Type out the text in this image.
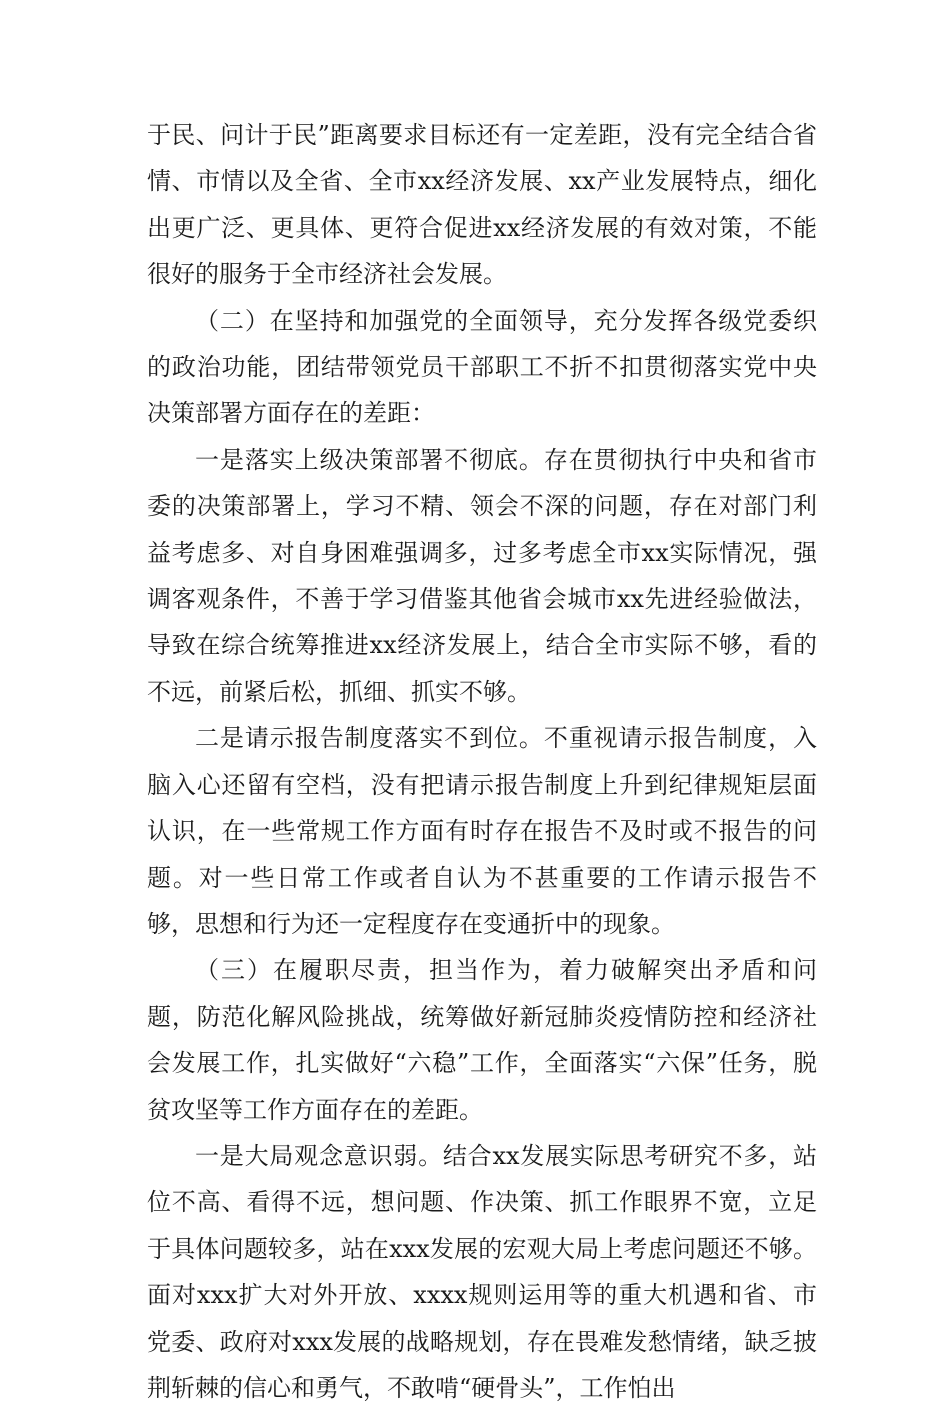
于民、问计于民”距离要求目标还有一定差距，没有完全结合省情、市情以及全省、全市xx经济发展、xx产业发展特点，细化出更广泛、更具体、更符合促进xx经济发展的有效对策，不能很好的服务于全市经济社会发展。

（二）在坚持和加强党的全面领导，充分发挥各级党委织的政治功能，团结带领党员干部职工不折不扣贯彻落实党中央决策部署方面存在的差距：

一是落实上级决策部署不彻底。存在贯彻执行中央和省市委的决策部署上，学习不精、领会不深的问题，存在对部门利益考虑多、对自身困难强调多，过多考虑全市xx实际情况，强调客观条件，不善于学习借鉴其他省会城市xx先进经验做法，导致在综合统筹推进xx经济发展上，结合全市实际不够，看的不远，前紧后松，抓细、抓实不够。

二是请示报告制度落实不到位。不重视请示报告制度，入脑入心还留有空档，没有把请示报告制度上升到纪律规矩层面认识，在一些常规工作方面有时存在报告不及时或不报告的问题。对一些日常工作或者自认为不甚重要的工作请示报告不够，思想和行为还一定程度存在变通折中的现象。

（三）在履职尽责，担当作为，着力破解突出矛盾和问题，防范化解风险挑战，统筹做好新冠肺炎疫情防控和经济社会发展工作，扎实做好“六稳”工作，全面落实“六保”任务，脱贫攻坚等工作方面存在的差距。

一是大局观念意识弱。结合xx发展实际思考研究不多，站位不高、看得不远，想问题、作决策、抓工作眼界不宽，立足于具体问题较多，站在xxx发展的宏观大局上考虑问题还不够。面对xxx扩大对外开放、xxxx规则运用等的重大机遇和省、市党委、政府对xxx发展的战略规划，存在畏难发愁情绪，缺乏披荆斩棘的信心和勇气，不敢啃“硬骨头”，工作怕出
